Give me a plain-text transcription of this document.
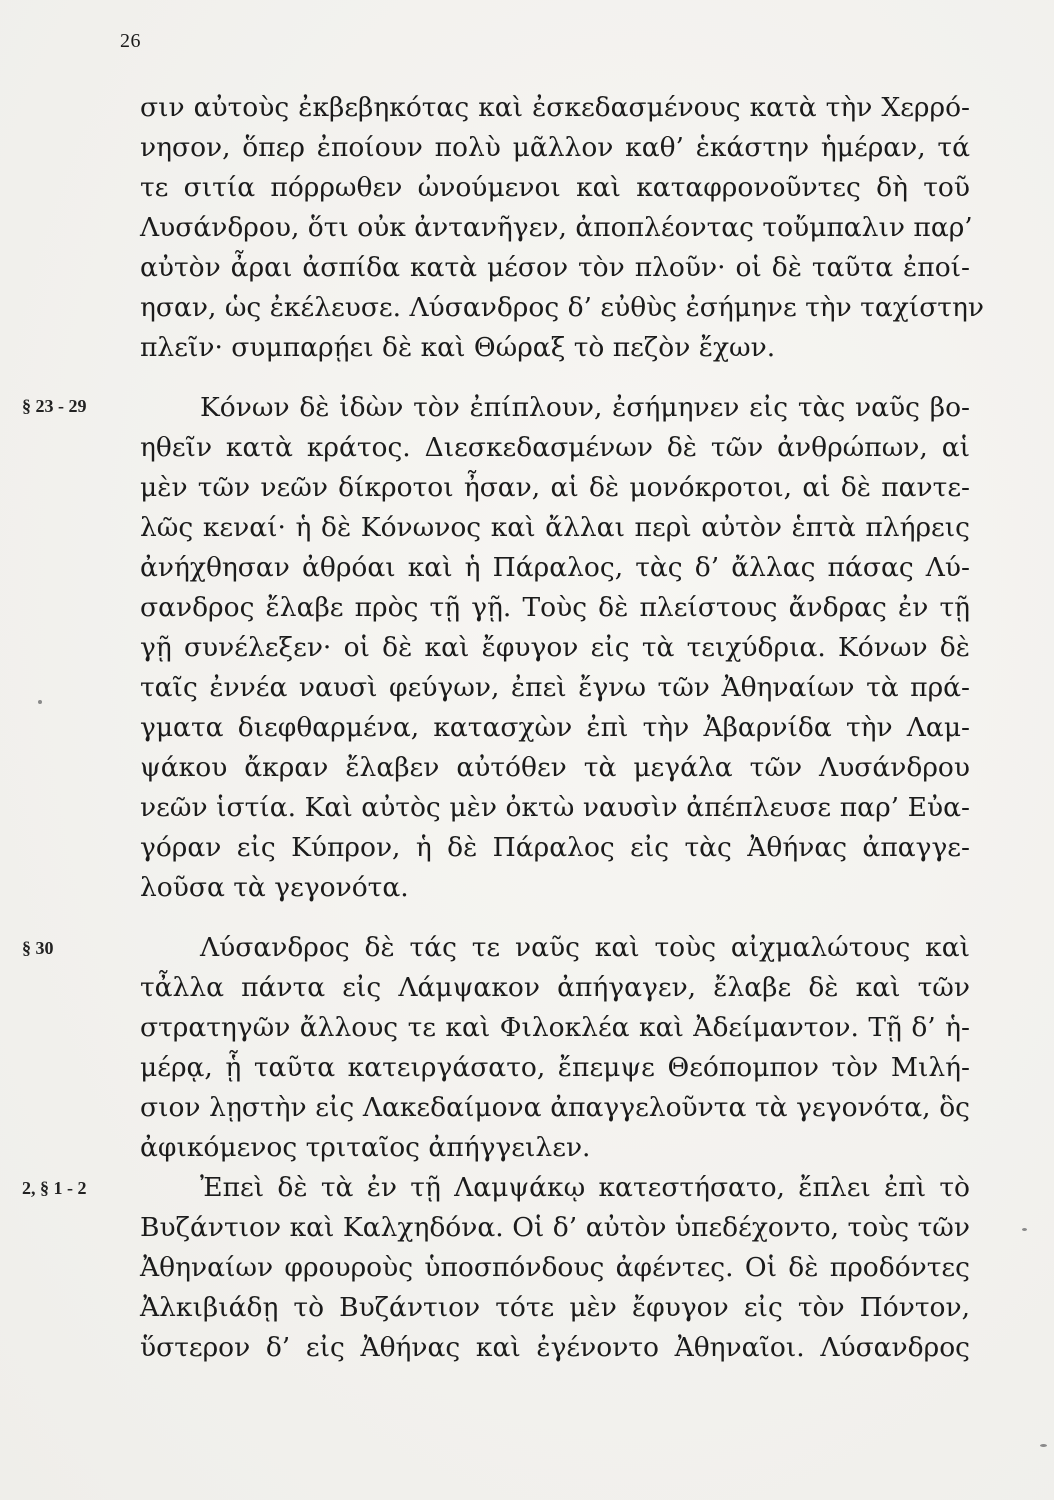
26
σιν αὐτοὺς ἐκβεβηκότας καὶ ἐσκεδασμένους κατὰ τὴν Χερρό-
νησον, ὅπερ ἐποίουν πολὺ μᾶλλον καθ’ ἑκάστην ἡμέραν, τά
τε σιτία πόρρωθεν ὠνούμενοι καὶ καταφρονοῦντες δὴ τοῦ
Λυσάνδρου, ὅτι οὐκ ἀντανῆγεν, ἀποπλέοντας τοὔμπαλιν παρ’
αὐτὸν ἆραι ἀσπίδα κατὰ μέσον τὸν πλοῦν· οἱ δὲ ταῦτα ἐποί-
ησαν, ὡς ἐκέλευσε. Λύσανδρος δ’ εὐθὺς ἐσήμηνε τὴν ταχίστην
πλεῖν· συμπαρῄει δὲ καὶ Θώραξ τὸ πεζὸν ἔχων.
§ 23 - 29	Κόνων δὲ ἰδὼν τὸν ἐπίπλουν, ἐσήμηνεν εἰς τὰς ναῦς βο-
ηθεῖν κατὰ κράτος. Διεσκεδασμένων δὲ τῶν ἀνθρώπων, αἱ
μὲν τῶν νεῶν δίκροτοι ἦσαν, αἱ δὲ μονόκροτοι, αἱ δὲ παντε-
λῶς κεναί· ἡ δὲ Κόνωνος καὶ ἄλλαι περὶ αὐτὸν ἑπτὰ πλήρεις
ἀνήχθησαν ἀθρόαι καὶ ἡ Πάραλος, τὰς δ’ ἄλλας πάσας Λύ-
σανδρος ἔλαβε πρὸς τῇ γῇ. Τοὺς δὲ πλείστους ἄνδρας ἐν τῇ
γῇ συνέλεξεν· οἱ δὲ καὶ ἔφυγον εἰς τὰ τειχύδρια. Κόνων δὲ
ταῖς ἐννέα ναυσὶ φεύγων, ἐπεὶ ἔγνω τῶν Ἀθηναίων τὰ πρά-
γματα διεφθαρμένα, κατασχὼν ἐπὶ τὴν Ἀβαρνίδα τὴν Λαμ-
ψάκου ἄκραν ἔλαβεν αὐτόθεν τὰ μεγάλα τῶν Λυσάνδρου
νεῶν ἱστία. Καὶ αὐτὸς μὲν ὀκτὼ ναυσὶν ἀπέπλευσε παρ’ Εὐα-
γόραν εἰς Κύπρον, ἡ δὲ Πάραλος εἰς τὰς Ἀθήνας ἀπαγγε-
λοῦσα τὰ γεγονότα.
§ 30	Λύσανδρος δὲ τάς τε ναῦς καὶ τοὺς αἰχμαλώτους καὶ
τἆλλα πάντα εἰς Λάμψακον ἀπήγαγεν, ἔλαβε δὲ καὶ τῶν
στρατηγῶν ἄλλους τε καὶ Φιλοκλέα καὶ Ἀδείμαντον. Τῇ δ’ ἡ-
μέρᾳ, ᾗ ταῦτα κατειργάσατο, ἔπεμψε Θεόπομπον τὸν Μιλή-
σιον λῃστὴν εἰς Λακεδαίμονα ἀπαγγελοῦντα τὰ γεγονότα, ὃς
ἀφικόμενος τριταῖος ἀπήγγειλεν.
2, § 1 - 2	Ἐπεὶ δὲ τὰ ἐν τῇ Λαμψάκῳ κατεστήσατο, ἔπλει ἐπὶ τὸ
Βυζάντιον καὶ Καλχηδόνα. Οἱ δ’ αὐτὸν ὑπεδέχοντο, τοὺς τῶν
Ἀθηναίων φρουροὺς ὑποσπόνδους ἀφέντες. Οἱ δὲ προδόντες
Ἀλκιβιάδῃ τὸ Βυζάντιον τότε μὲν ἔφυγον εἰς τὸν Πόντον,
ὕστερον δ’ εἰς Ἀθήνας καὶ ἐγένοντο Ἀθηναῖοι. Λύσανδρος
